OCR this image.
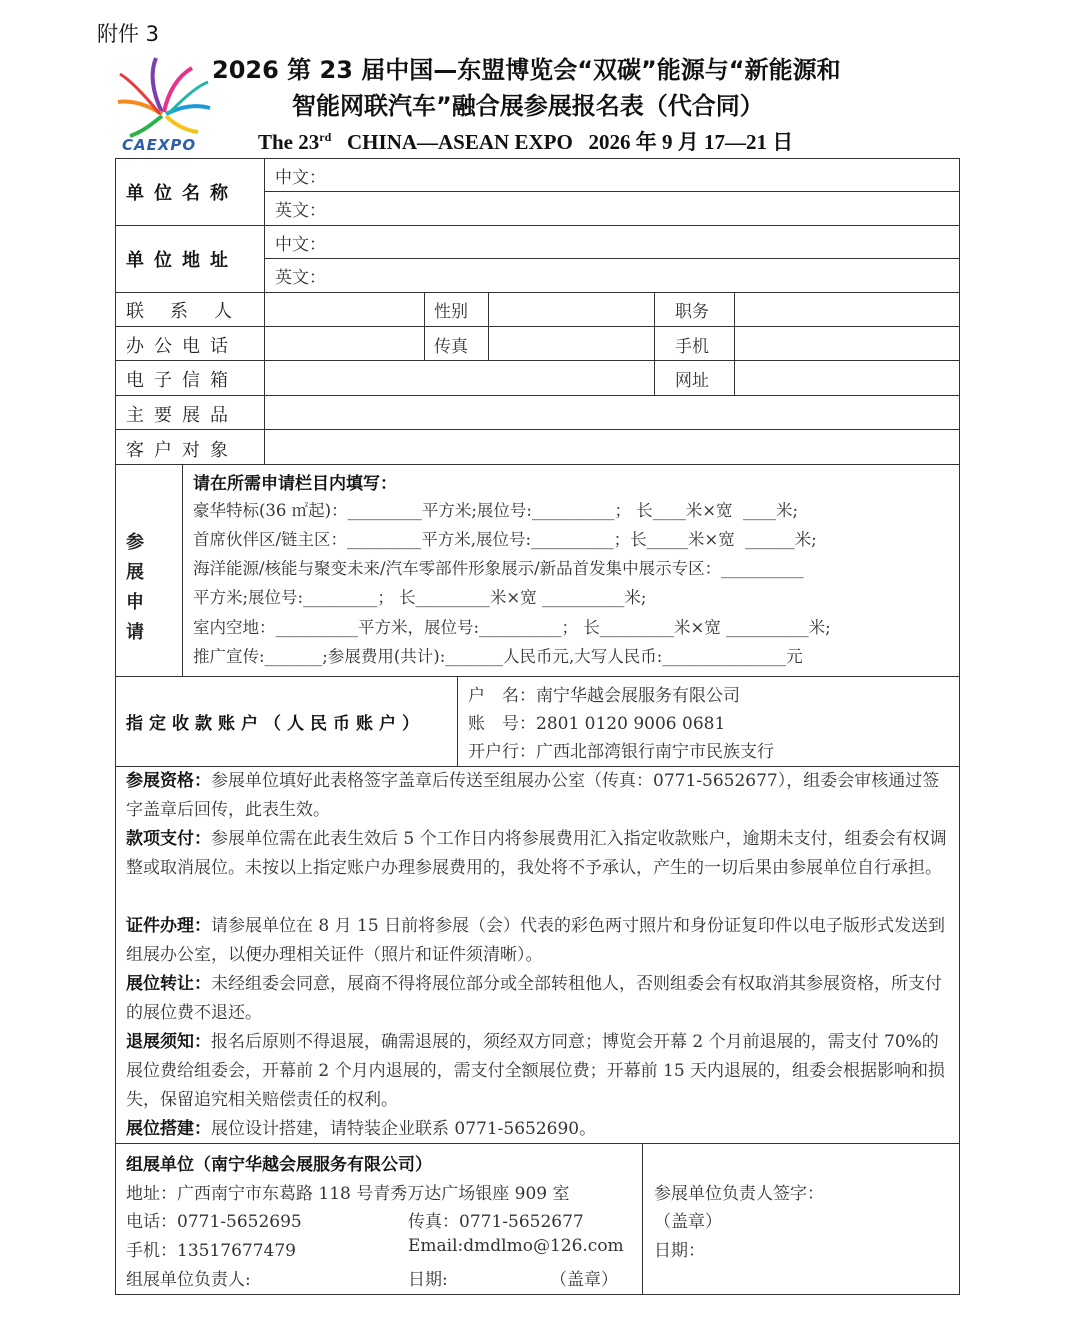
附件 3
CAEXPO
2026 第 23 届中国—东盟博览会“双碳”能源与“新能源和
智能网联汽车”融合展参展报名表（代合同）
The 23rd   CHINA—ASEAN EXPO   2026 年 9 月 17—21 日
单位名称
中文：
英文：
单位地址
中文：
英文：
联系人	性别	职务
办公电话	传真	手机
电子信箱	网址
主要展品
客户对象
参展申请
请在所需申请栏目内填写：
豪华特标(36 ㎡起)：_________平方米;展位号:__________； 长____米×宽  ____米;
首席伙伴区/链主区：_________平方米,展位号:__________；长_____米×宽  ______米;
海洋能源/核能与聚变未来/汽车零部件形象展示/新品首发集中展示专区：__________
平方米;展位号:_________； 长_________米×宽 __________米;
室内空地：__________平方米，展位号:__________； 长_________米×宽 __________米;
推广宣传:_______;参展费用(共计):_______人民币元,大写人民币:_______________元
指定收款账户（人民币账户）
户　名：南宁华越会展服务有限公司
账　号：2801 0120 9006 0681
开户行：广西北部湾银行南宁市民族支行
参展资格：参展单位填好此表格签字盖章后传送至组展办公室（传真：0771-5652677），组委会审核通过签字盖章后回传，此表生效。
款项支付：参展单位需在此表生效后 5 个工作日内将参展费用汇入指定收款账户，逾期未支付，组委会有权调整或取消展位。未按以上指定账户办理参展费用的，我处将不予承认，产生的一切后果由参展单位自行承担。
证件办理：请参展单位在 8 月 15 日前将参展（会）代表的彩色两寸照片和身份证复印件以电子版形式发送到组展办公室，以便办理相关证件（照片和证件须清晰）。
展位转让：未经组委会同意，展商不得将展位部分或全部转租他人，否则组委会有权取消其参展资格，所支付的展位费不退还。
退展须知：报名后原则不得退展，确需退展的，须经双方同意；博览会开幕 2 个月前退展的，需支付 70%的展位费给组委会，开幕前 2 个月内退展的，需支付全额展位费；开幕前 15 天内退展的，组委会根据影响和损失，保留追究相关赔偿责任的权利。
展位搭建：展位设计搭建，请特装企业联系 0771-5652690。
组展单位（南宁华越会展服务有限公司）
地址：广西南宁市东葛路 118 号青秀万达广场银座 909 室
电话：0771-5652695	传真：0771-5652677
手机：13517677479	Email:dmdlmo@126.com
组展单位负责人:	日期:	（盖章）
参展单位负责人签字：
（盖章）
日期：
